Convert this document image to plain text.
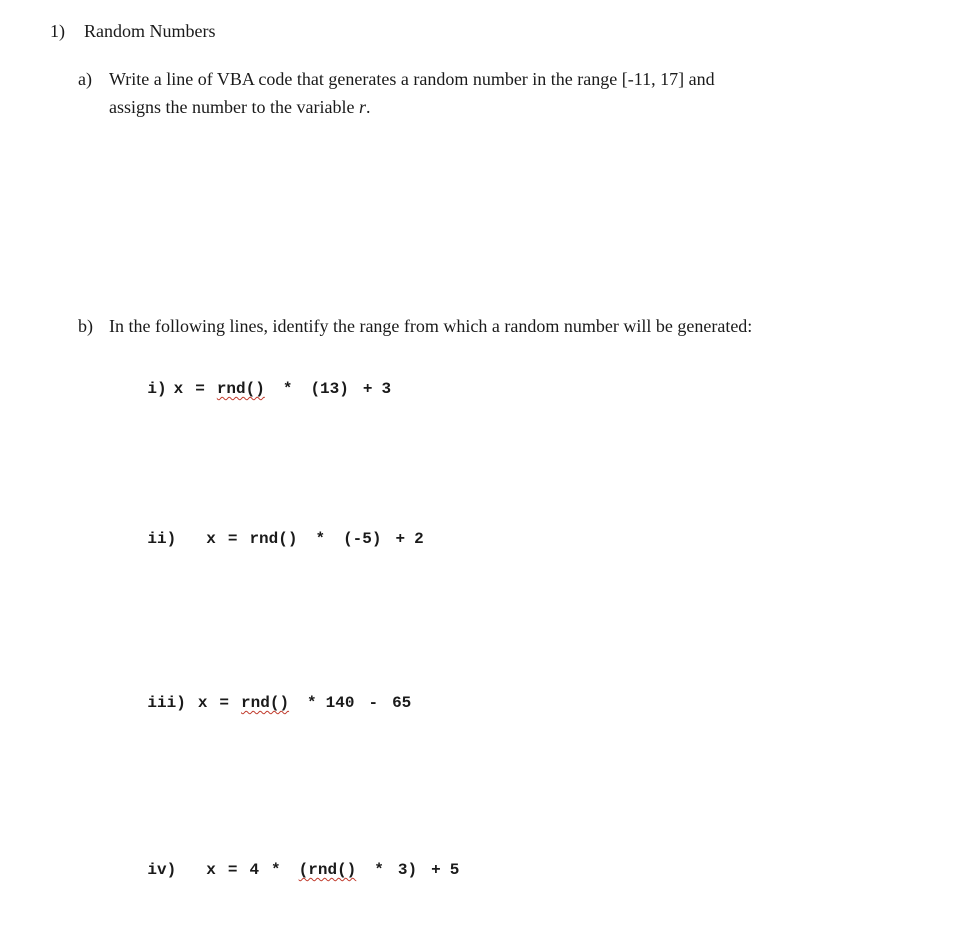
1) Random Numbers
a) Write a line of VBA code that generates a random number in the range [-11, 17] and
assigns the number to the variable r.
b) In the following lines, identify the range from which a random number will be generated:

i) x = rnd() * (13) + 3

ii) x = rnd() * (-5) + 2

iii) x = rnd() * 140 - 65

iv) x = 4 * (rnd() * 3) + 5
